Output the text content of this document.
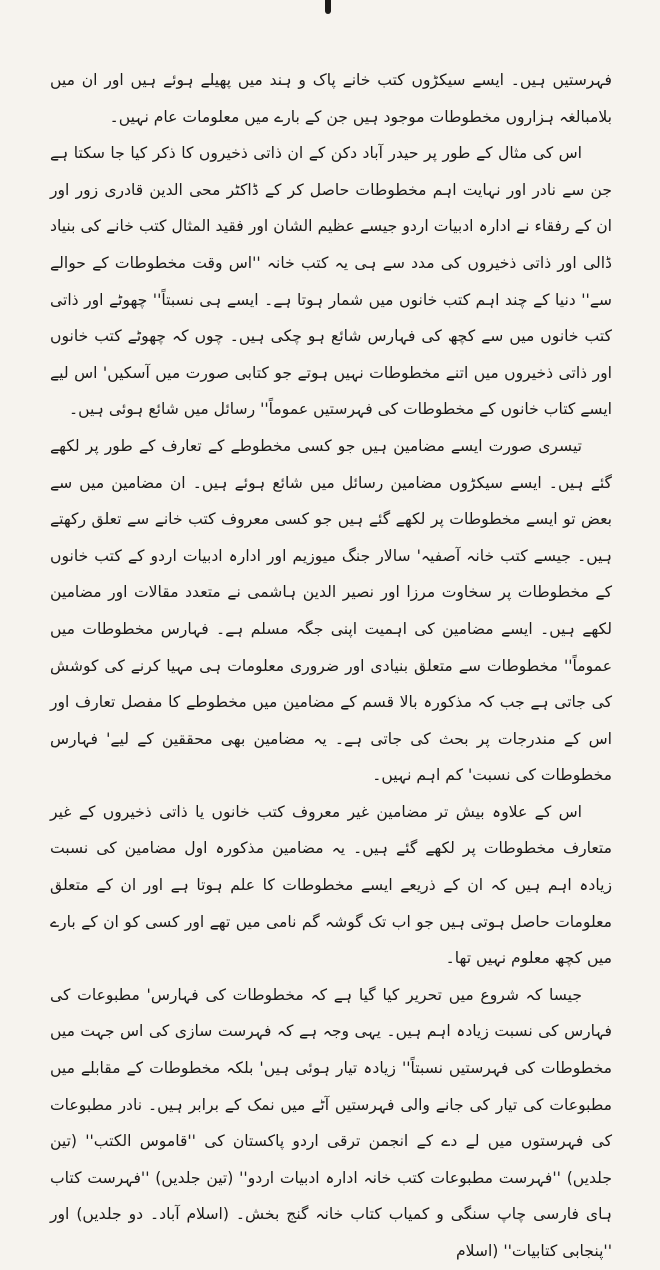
فہرستیں ہیں۔ ایسے سیکڑوں کتب خانے پاک و ہند میں پھیلے ہوئے ہیں اور ان میں بلامبالغہ ہزاروں مخطوطات موجود ہیں جن کے بارے میں معلومات عام نہیں۔

اس کی مثال کے طور پر حیدر آباد دکن کے ان ذاتی ذخیروں کا ذکر کیا جا سکتا ہے جن سے نادر اور نہایت اہم مخطوطات حاصل کر کے ڈاکٹر محی الدین قادری زور اور ان کے رفقاء نے ادارہ ادبیات اردو جیسے عظیم الشان اور فقید المثال کتب خانے کی بنیاد ڈالی اور ذاتی ذخیروں کی مدد سے ہی یہ کتب خانہ ''اس وقت مخطوطات کے حوالے سے'' دنیا کے چند اہم کتب خانوں میں شمار ہوتا ہے۔ ایسے ہی نسبتاً'' چھوٹے اور ذاتی کتب خانوں میں سے کچھ کی فہارس شائع ہو چکی ہیں۔ چوں کہ چھوٹے کتب خانوں اور ذاتی ذخیروں میں اتنے مخطوطات نہیں ہوتے جو کتابی صورت میں آسکیں' اس لیے ایسے کتاب خانوں کے مخطوطات کی فہرستیں عموماً'' رسائل میں شائع ہوئی ہیں۔

تیسری صورت ایسے مضامین ہیں جو کسی مخطوطے کے تعارف کے طور پر لکھے گئے ہیں۔ ایسے سیکڑوں مضامین رسائل میں شائع ہوئے ہیں۔ ان مضامین میں سے بعض تو ایسے مخطوطات پر لکھے گئے ہیں جو کسی معروف کتب خانے سے تعلق رکھتے ہیں۔ جیسے کتب خانہ آصفیہ' سالار جنگ میوزیم اور ادارہ ادبیات اردو کے کتب خانوں کے مخطوطات پر سخاوت مرزا اور نصیر الدین ہاشمی نے متعدد مقالات اور مضامین لکھے ہیں۔ ایسے مضامین کی اہمیت اپنی جگہ مسلم ہے۔ فہارس مخطوطات میں عموماً'' مخطوطات سے متعلق بنیادی اور ضروری معلومات ہی مہیا کرنے کی کوشش کی جاتی ہے جب کہ مذکورہ بالا قسم کے مضامین میں مخطوطے کا مفصل تعارف اور اس کے مندرجات پر بحث کی جاتی ہے۔ یہ مضامین بھی محققین کے لیے' فہارس مخطوطات کی نسبت' کم اہم نہیں۔

اس کے علاوہ بیش تر مضامین غیر معروف کتب خانوں یا ذاتی ذخیروں کے غیر متعارف مخطوطات پر لکھے گئے ہیں۔ یہ مضامین مذکورہ اول مضامین کی نسبت زیادہ اہم ہیں کہ ان کے ذریعے ایسے مخطوطات کا علم ہوتا ہے اور ان کے متعلق معلومات حاصل ہوتی ہیں جو اب تک گوشہ گم نامی میں تھے اور کسی کو ان کے بارے میں کچھ معلوم نہیں تھا۔

جیسا کہ شروع میں تحریر کیا گیا ہے کہ مخطوطات کی فہارس' مطبوعات کی فہارس کی نسبت زیادہ اہم ہیں۔ یہی وجہ ہے کہ فہرست سازی کی اس جہت میں مخطوطات کی فہرستیں نسبتاً'' زیادہ تیار ہوئی ہیں' بلکہ مخطوطات کے مقابلے میں مطبوعات کی تیار کی جانے والی فہرستیں آٹے میں نمک کے برابر ہیں۔ نادر مطبوعات کی فہرستوں میں لے دے کے انجمن ترقی اردو پاکستان کی ''قاموس الکتب'' (تین جلدیں) ''فہرست مطبوعات کتب خانہ ادارہ ادبیات اردو'' (تین جلدیں) ''فہرست کتاب ہای فارسی چاپ سنگی و کمیاب کتاب خانہ گنج بخش۔ (اسلام آباد۔ دو جلدیں) اور ''پنجابی کتابیات'' (اسلام
